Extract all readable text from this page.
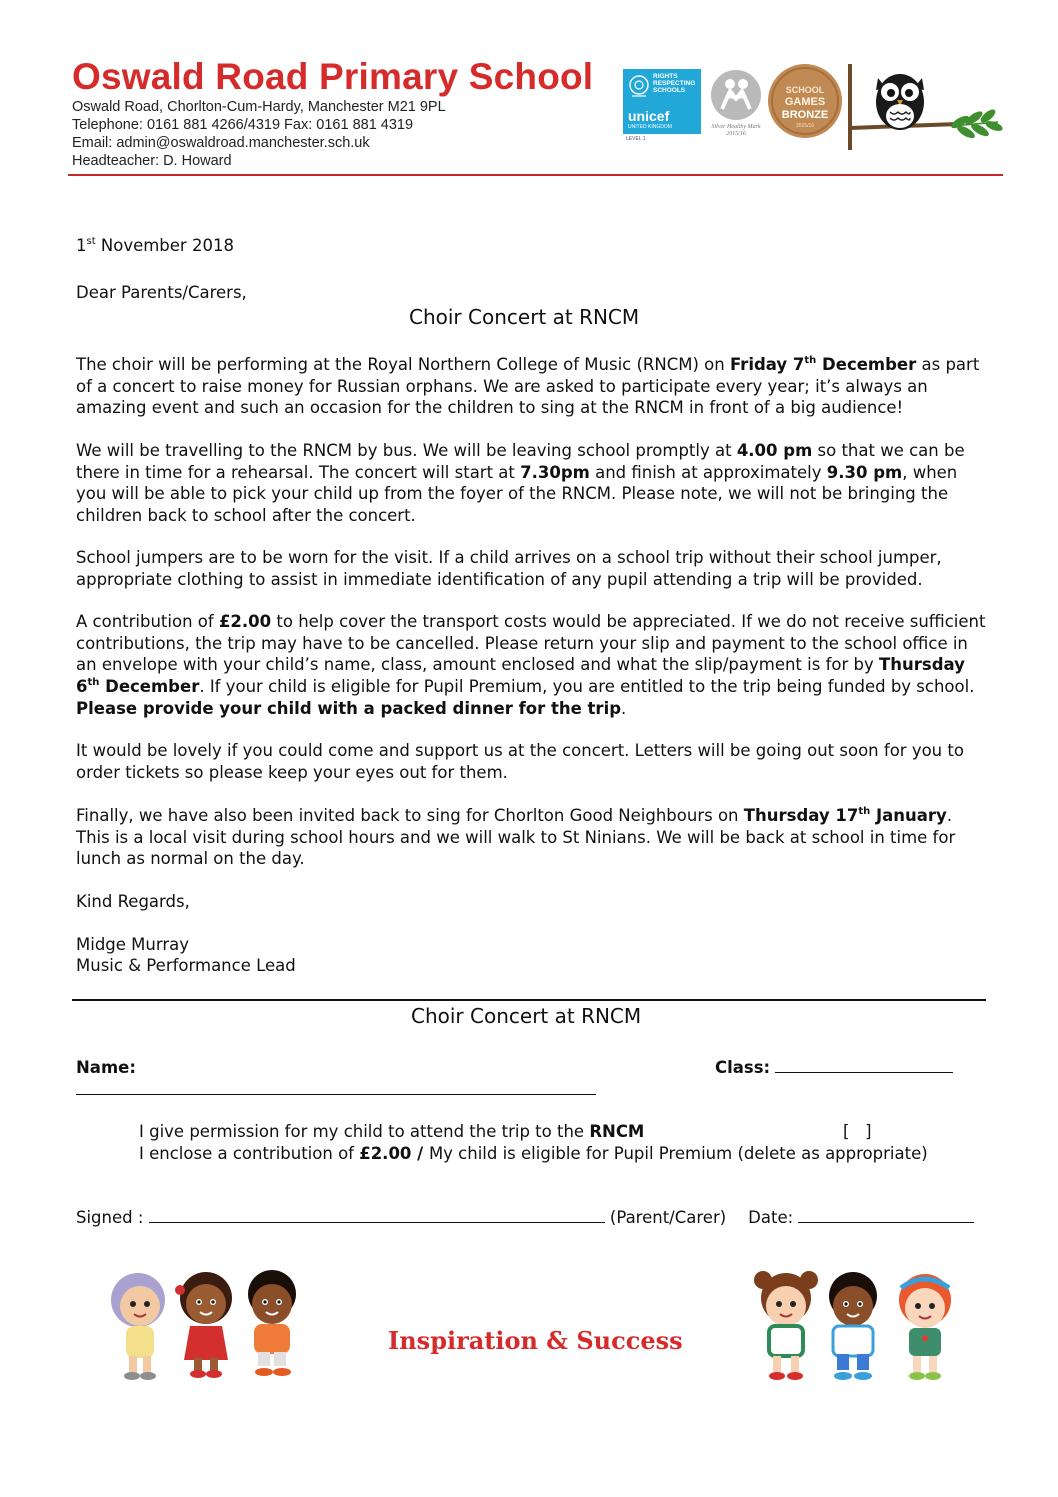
Oswald Road Primary School
Oswald Road, Chorlton-Cum-Hardy, Manchester M21 9PL
Telephone: 0161 881 4266/4319 Fax: 0161 881 4319
Email: admin@oswaldroad.manchester.sch.uk
Headteacher: D. Howard
RIGHTS RESPECTING SCHOOLS
unicef
UNITED KINGDOM
LEVEL 1
Silver Healthy Mark 2015/16
SCHOOL
GAMES
BRONZE
2015/16
1st November 2018
Dear Parents/Carers,
Choir Concert at RNCM
The choir will be performing at the Royal Northern College of Music (RNCM) on Friday 7th December as part of a concert to raise money for Russian orphans. We are asked to participate every year; it’s always an amazing event and such an occasion for the children to sing at the RNCM in front of a big audience!
We will be travelling to the RNCM by bus. We will be leaving school promptly at 4.00 pm so that we can be there in time for a rehearsal. The concert will start at 7.30pm and finish at approximately 9.30 pm, when you will be able to pick your child up from the foyer of the RNCM. Please note, we will not be bringing the children back to school after the concert.
School jumpers are to be worn for the visit. If a child arrives on a school trip without their school jumper, appropriate clothing to assist in immediate identification of any pupil attending a trip will be provided.
A contribution of £2.00 to help cover the transport costs would be appreciated. If we do not receive sufficient contributions, the trip may have to be cancelled. Please return your slip and payment to the school office in an envelope with your child’s name, class, amount enclosed and what the slip/payment is for by Thursday 6th December. If your child is eligible for Pupil Premium, you are entitled to the trip being funded by school. Please provide your child with a packed dinner for the trip.
It would be lovely if you could come and support us at the concert. Letters will be going out soon for you to order tickets so please keep your eyes out for them.
Finally, we have also been invited back to sing for Chorlton Good Neighbours on Thursday 17th January. This is a local visit during school hours and we will walk to St Ninians. We will be back at school in time for lunch as normal on the day.
Kind Regards,
Midge Murray
Music & Performance Lead
Choir Concert at RNCM
Name:	Class:
I give permission for my child to attend the trip to the RNCM	[   ]
I enclose a contribution of £2.00 / My child is eligible for Pupil Premium (delete as appropriate)
Signed :	(Parent/Carer) Date:
Inspiration & Success
